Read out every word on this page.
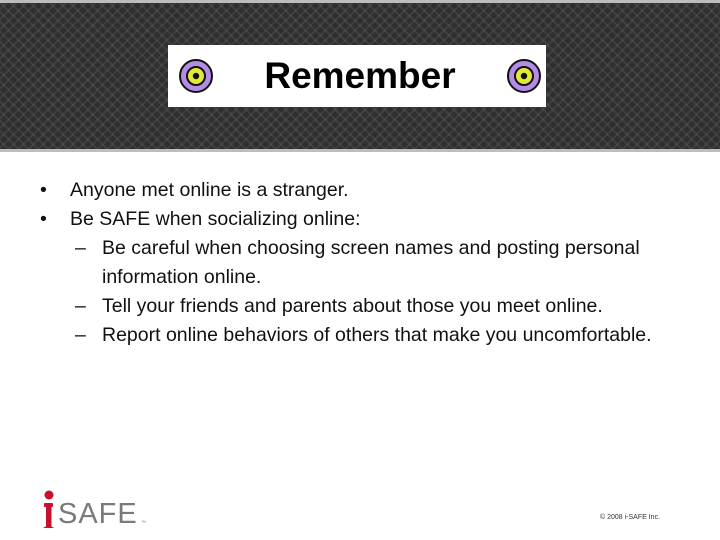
Remember
•	Anyone met online is a stranger.
•	Be SAFE when socializing online:
– Be careful when choosing screen names and posting personal information online.
– Tell your friends and parents about those you meet online.
– Report online behaviors of others that make you uncomfortable.
SAFE ™
© 2008 i-SAFE Inc.
